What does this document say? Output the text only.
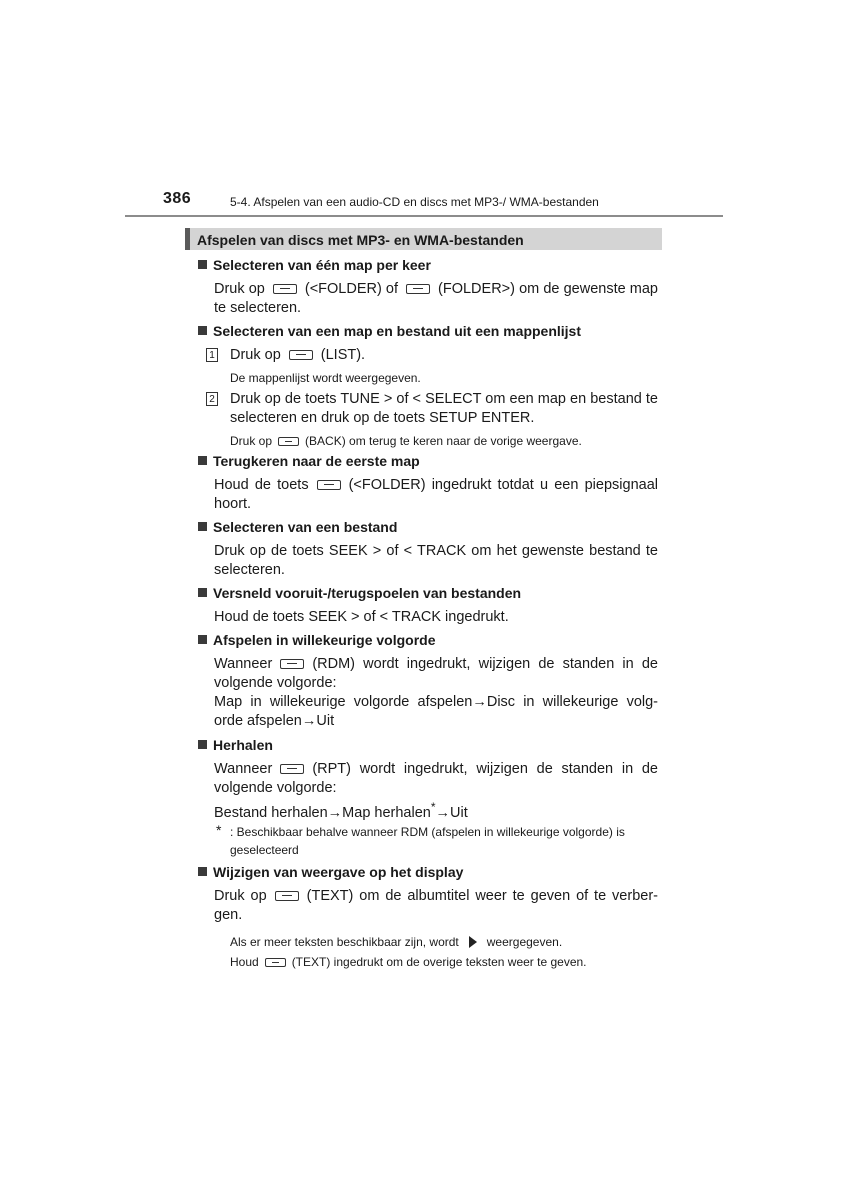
386	5-4. Afspelen van een audio-CD en discs met MP3-/ WMA-bestanden
Afspelen van discs met MP3- en WMA-bestanden
Selecteren van één map per keer
Druk op	(<FOLDER) of	(FOLDER>) om de gewenste map te selecteren.
Selecteren van een map en bestand uit een mappenlijst
1 Druk op	(LIST).
De mappenlijst wordt weergegeven.
2 Druk op de toets TUNE > of < SELECT om een map en bestand te selecteren en druk op de toets SETUP ENTER.
Druk op	(BACK) om terug te keren naar de vorige weergave.
Terugkeren naar de eerste map
Houd de toets	(<FOLDER) ingedrukt totdat u een piepsignaal hoort.
Selecteren van een bestand
Druk op de toets SEEK > of < TRACK om het gewenste bestand te selecteren.
Versneld vooruit-/terugspoelen van bestanden
Houd de toets SEEK > of < TRACK ingedrukt.
Afspelen in willekeurige volgorde
Wanneer	(RDM) wordt ingedrukt, wijzigen de standen in de volgende volgorde:
Map in willekeurige volgorde afspelen→Disc in willekeurige volg-orde afspelen→Uit
Herhalen
Wanneer	(RPT) wordt ingedrukt, wijzigen de standen in de volgende volgorde:
Bestand herhalen→Map herhalen*→Uit
* : Beschikbaar behalve wanneer RDM (afspelen in willekeurige volgorde) is geselecteerd
Wijzigen van weergave op het display
Druk op	(TEXT) om de albumtitel weer te geven of te verber-gen.
Als er meer teksten beschikbaar zijn, wordt weergegeven.
Houd	(TEXT) ingedrukt om de overige teksten weer te geven.
